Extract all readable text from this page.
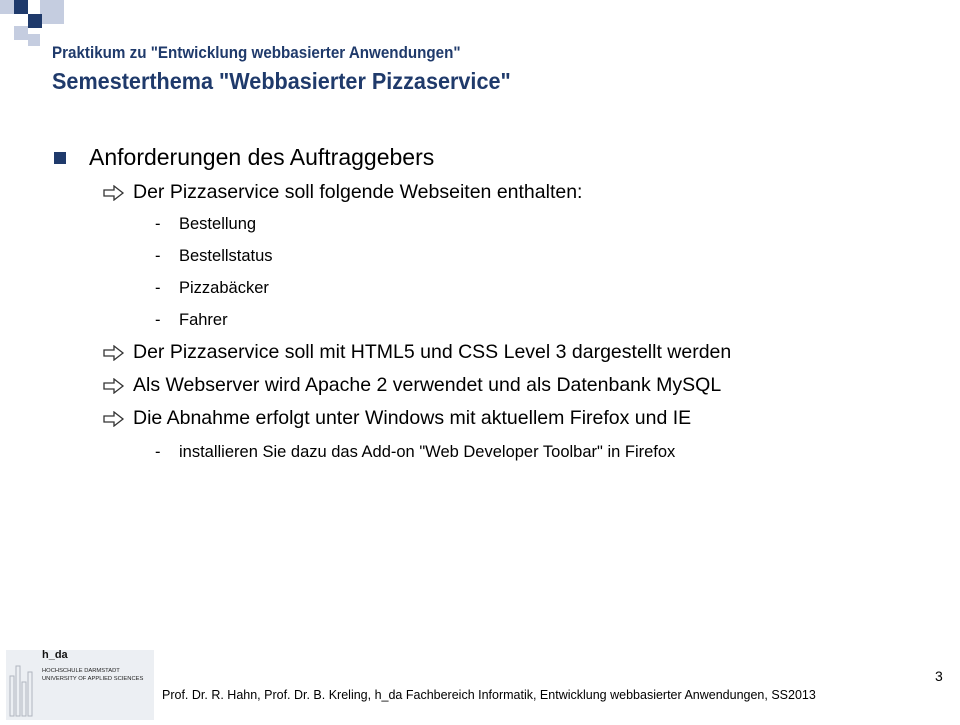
Praktikum zu "Entwicklung webbasierter Anwendungen"
Semesterthema "Webbasierter Pizzaservice"
Anforderungen des Auftraggebers
Der Pizzaservice soll folgende Webseiten enthalten:
-	Bestellung
-	Bestellstatus
-	Pizzabäcker
-	Fahrer
Der Pizzaservice soll mit HTML5 und CSS Level 3 dargestellt werden
Als Webserver wird Apache 2 verwendet und als Datenbank MySQL
Die Abnahme erfolgt unter Windows mit aktuellem Firefox und IE
-	installieren Sie dazu das Add-on "Web Developer Toolbar" in Firefox
h_da
HOCHSCHULE DARMSTADT
UNIVERSITY OF APPLIED SCIENCES	3
Prof. Dr. R. Hahn, Prof. Dr. B. Kreling, h_da Fachbereich Informatik, Entwicklung webbasierter Anwendungen, SS2013
